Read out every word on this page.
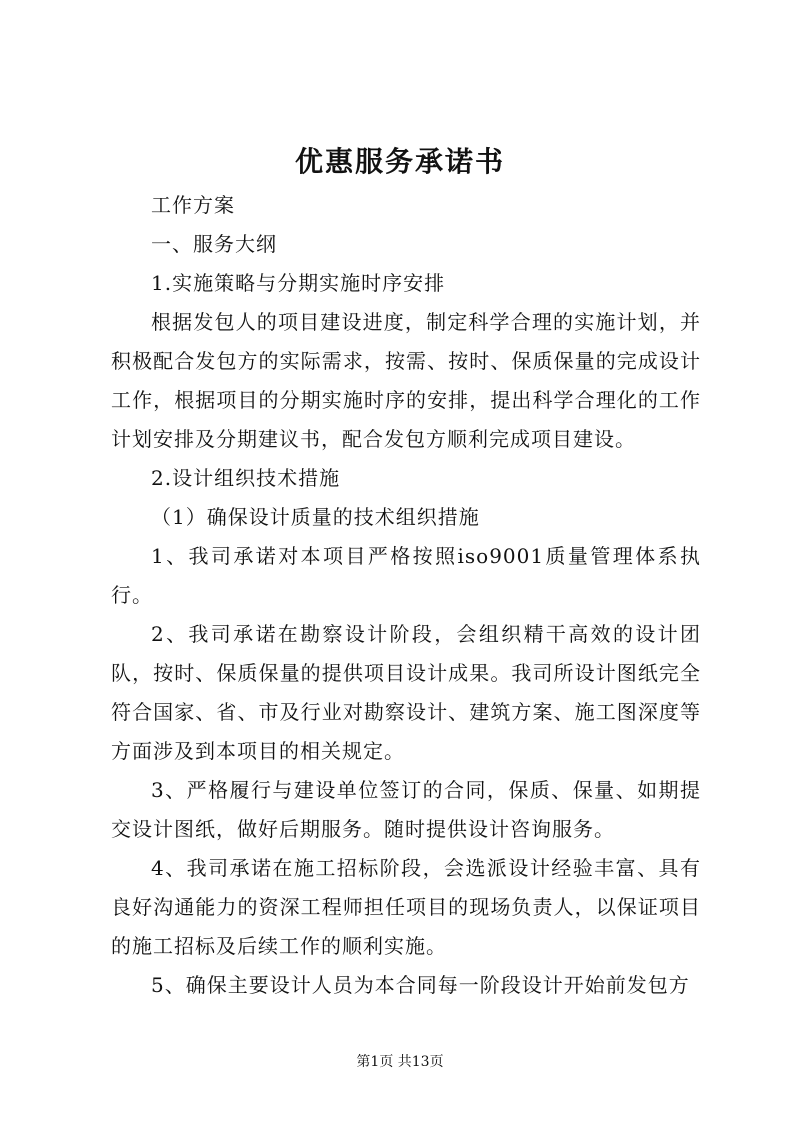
优惠服务承诺书

工作方案

一、服务大纲

1.实施策略与分期实施时序安排

根据发包人的项目建设进度，制定科学合理的实施计划，并积极配合发包方的实际需求，按需、按时、保质保量的完成设计工作，根据项目的分期实施时序的安排，提出科学合理化的工作计划安排及分期建议书，配合发包方顺利完成项目建设。

2.设计组织技术措施

（1）确保设计质量的技术组织措施

1、我司承诺对本项目严格按照iso9001质量管理体系执行。

2、我司承诺在勘察设计阶段，会组织精干高效的设计团队，按时、保质保量的提供项目设计成果。我司所设计图纸完全符合国家、省、市及行业对勘察设计、建筑方案、施工图深度等方面涉及到本项目的相关规定。

3、严格履行与建设单位签订的合同，保质、保量、如期提交设计图纸，做好后期服务。随时提供设计咨询服务。

4、我司承诺在施工招标阶段，会选派设计经验丰富、具有良好沟通能力的资深工程师担任项目的现场负责人，以保证项目的施工招标及后续工作的顺利实施。

5、确保主要设计人员为本合同每一阶段设计开始前发包方

第1页 共13页
